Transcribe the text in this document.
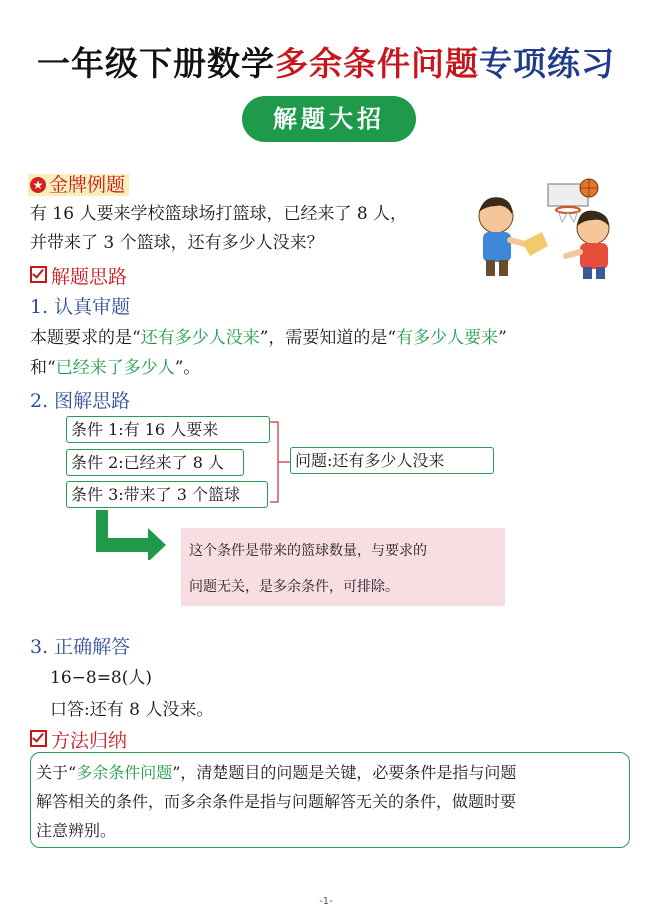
一年级下册数学多余条件问题专项练习
解题大招
★ 金牌例题
有 16 人要来学校篮球场打篮球，已经来了 8 人，
并带来了 3 个篮球，还有多少人没来？
解题思路
1. 认真审题
本题要求的是“还有多少人没来”，需要知道的是“有多少人要来”
和“已经来了多少人”。
2. 图解思路
条件 1:有 16 人要来
条件 2:已经来了 8 人
条件 3:带来了 3 个篮球
问题:还有多少人没来
这个条件是带来的篮球数量，与要求的
问题无关，是多余条件，可排除。
3. 正确解答
16−8=8(人)
口答:还有 8 人没来。
方法归纳
关于“多余条件问题”，清楚题目的问题是关键，必要条件是指与问题
解答相关的条件，而多余条件是指与问题解答无关的条件，做题时要
注意辨别。
-1-
